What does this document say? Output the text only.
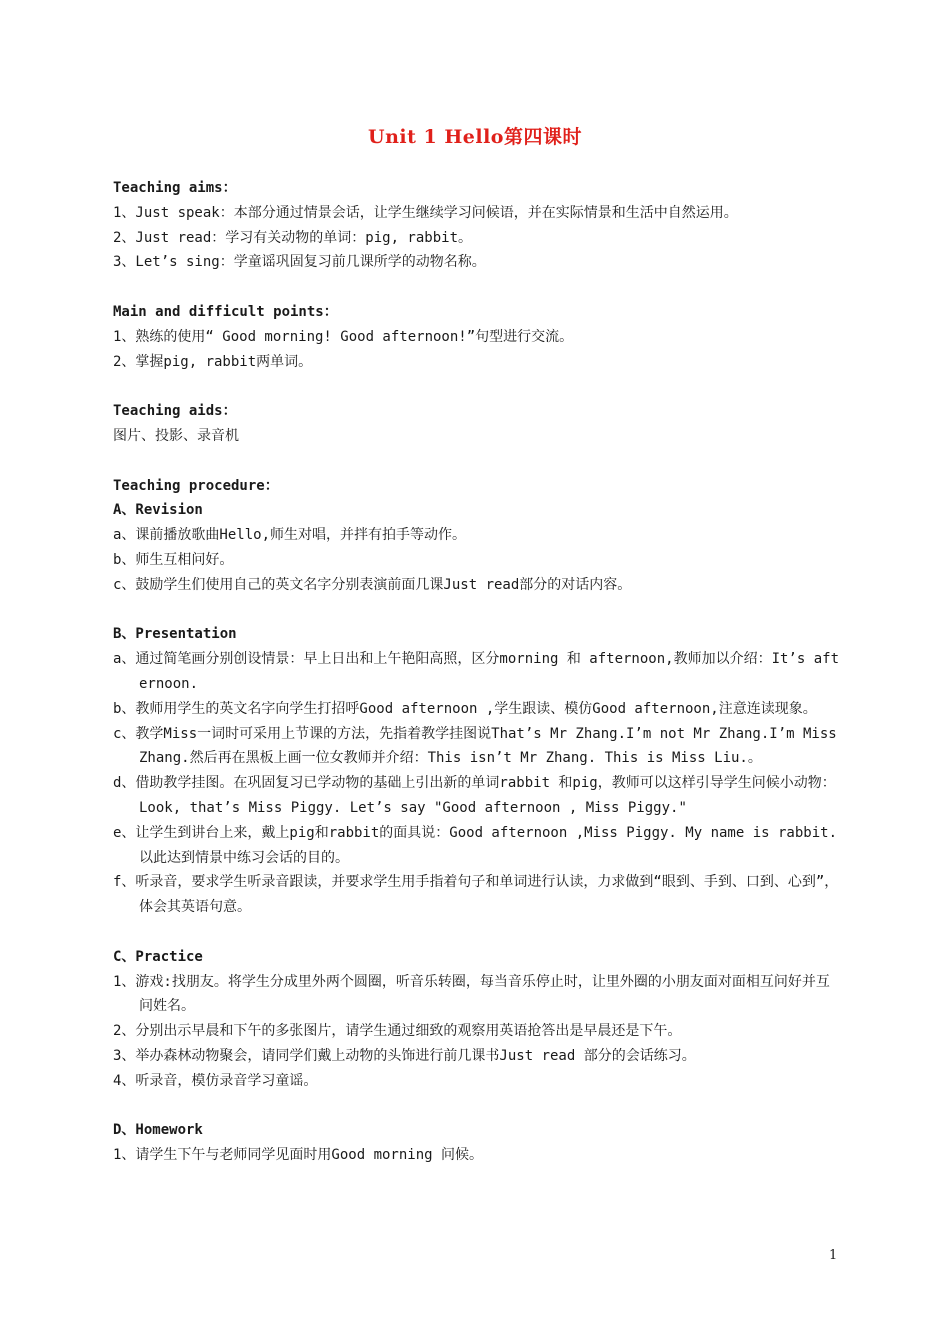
Unit 1 Hello第四课时
Teaching aims：
1、Just speak：本部分通过情景会话，让学生继续学习问候语，并在实际情景和生活中自然运用。
2、Just read：学习有关动物的单词：pig, rabbit。
3、Let’s sing：学童谣巩固复习前几课所学的动物名称。
Main and difficult points：
1、熟练的使用“ Good morning! Good afternoon!”句型进行交流。
2、掌握pig, rabbit两单词。
Teaching aids：
图片、投影、录音机
Teaching procedure：
A、Revision
a、课前播放歌曲Hello,师生对唱，并拌有拍手等动作。
b、师生互相问好。
c、鼓励学生们使用自己的英文名字分别表演前面几课Just read部分的对话内容。
B、Presentation
a、通过简笔画分别创设情景：早上日出和上午艳阳高照，区分morning 和 afternoon,教师加以介绍：It’s afternoon.
b、教师用学生的英文名字向学生打招呼Good afternoon ,学生跟读、模仿Good afternoon,注意连读现象。
c、教学Miss一词时可采用上节课的方法，先指着教学挂图说That’s Mr Zhang.I’m not Mr Zhang.I’m Miss Zhang.然后再在黑板上画一位女教师并介绍：This isn’t Mr Zhang. This is Miss Liu.。
d、借助教学挂图。在巩固复习已学动物的基础上引出新的单词rabbit 和pig，教师可以这样引导学生问候小动物：Look, that’s Miss Piggy. Let’s say "Good afternoon , Miss Piggy."
e、让学生到讲台上来，戴上pig和rabbit的面具说：Good afternoon ,Miss Piggy. My name is rabbit.以此达到情景中练习会话的目的。
f、听录音，要求学生听录音跟读，并要求学生用手指着句子和单词进行认读，力求做到“眼到、手到、口到、心到”，体会其英语句意。
C、Practice
1、游戏:找朋友。将学生分成里外两个圆圈，听音乐转圈，每当音乐停止时，让里外圈的小朋友面对面相互问好并互问姓名。
2、分别出示早晨和下午的多张图片，请学生通过细致的观察用英语抢答出是早晨还是下午。
3、举办森林动物聚会，请同学们戴上动物的头饰进行前几课书Just read 部分的会话练习。
4、听录音，模仿录音学习童谣。
D、Homework
1、请学生下午与老师同学见面时用Good morning 问候。
1
